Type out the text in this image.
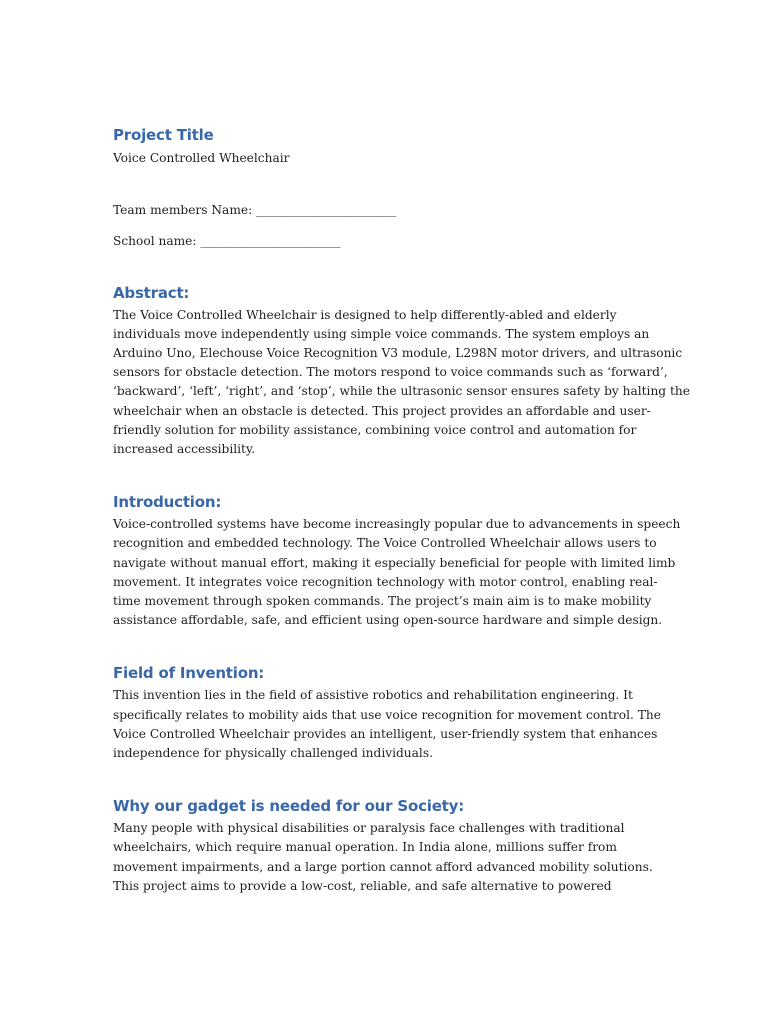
Project Title

Voice Controlled Wheelchair

Team members Name: _______________________

School name: _______________________

Abstract:

The Voice Controlled Wheelchair is designed to help differently-abled and elderly

individuals move independently using simple voice commands. The system employs an

Arduino Uno, Elechouse Voice Recognition V3 module, L298N motor drivers, and ultrasonic

sensors for obstacle detection. The motors respond to voice commands such as ‘forward’,

‘backward’, ‘left’, ‘right’, and ‘stop’, while the ultrasonic sensor ensures safety by halting the

wheelchair when an obstacle is detected. This project provides an affordable and user-

friendly solution for mobility assistance, combining voice control and automation for

increased accessibility.

Introduction:

Voice-controlled systems have become increasingly popular due to advancements in speech

recognition and embedded technology. The Voice Controlled Wheelchair allows users to

navigate without manual effort, making it especially beneficial for people with limited limb

movement. It integrates voice recognition technology with motor control, enabling real-

time movement through spoken commands. The project’s main aim is to make mobility

assistance affordable, safe, and efficient using open-source hardware and simple design.

Field of Invention:

This invention lies in the field of assistive robotics and rehabilitation engineering. It

specifically relates to mobility aids that use voice recognition for movement control. The

Voice Controlled Wheelchair provides an intelligent, user-friendly system that enhances

independence for physically challenged individuals.

Why our gadget is needed for our Society:

Many people with physical disabilities or paralysis face challenges with traditional

wheelchairs, which require manual operation. In India alone, millions suffer from

movement impairments, and a large portion cannot afford advanced mobility solutions.

This project aims to provide a low-cost, reliable, and safe alternative to powered
